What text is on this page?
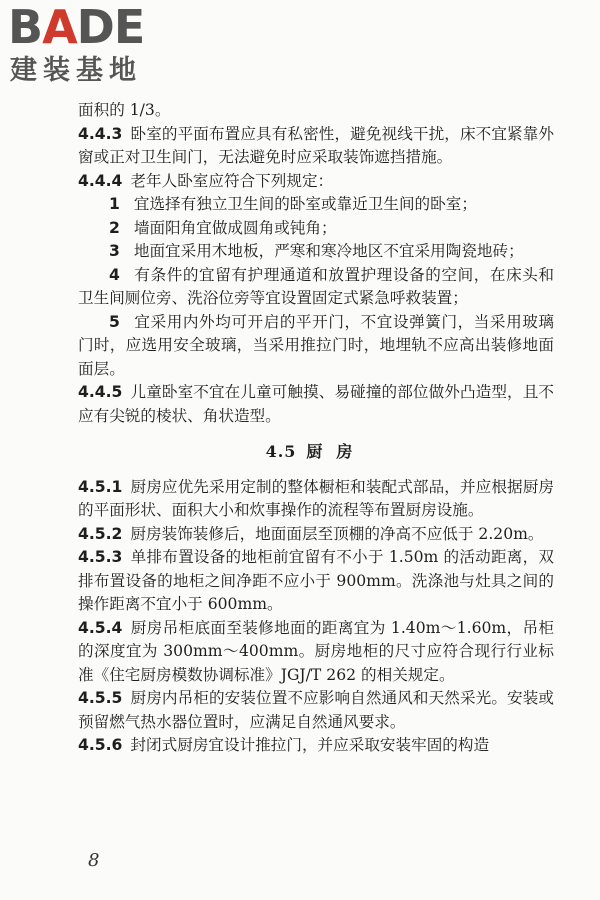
BADE
建装基地

面积的 1/3。

4.4.3 卧室的平面布置应具有私密性，避免视线干扰，床不宜紧靠外窗或正对卫生间门，无法避免时应采取装饰遮挡措施。

4.4.4 老年人卧室应符合下列规定：

1 宜选择有独立卫生间的卧室或靠近卫生间的卧室；

2 墙面阳角宜做成圆角或钝角；

3 地面宜采用木地板，严寒和寒冷地区不宜采用陶瓷地砖；

4 有条件的宜留有护理通道和放置护理设备的空间，在床头和卫生间厕位旁、洗浴位旁等宜设置固定式紧急呼救装置；

5 宜采用内外均可开启的平开门，不宜设弹簧门，当采用玻璃门时，应选用安全玻璃，当采用推拉门时，地埋轨不应高出装修地面面层。

4.4.5 儿童卧室不宜在儿童可触摸、易碰撞的部位做外凸造型，且不应有尖锐的棱状、角状造型。

4.5 厨房

4.5.1 厨房应优先采用定制的整体橱柜和装配式部品，并应根据厨房的平面形状、面积大小和炊事操作的流程等布置厨房设施。

4.5.2 厨房装饰装修后，地面面层至顶棚的净高不应低于 2.20m。

4.5.3 单排布置设备的地柜前宜留有不小于 1.50m 的活动距离，双排布置设备的地柜之间净距不应小于 900mm。洗涤池与灶具之间的操作距离不宜小于 600mm。

4.5.4 厨房吊柜底面至装修地面的距离宜为 1.40m～1.60m，吊柜的深度宜为 300mm～400mm。厨房地柜的尺寸应符合现行行业标准《住宅厨房模数协调标准》JGJ/T 262 的相关规定。

4.5.5 厨房内吊柜的安装位置不应影响自然通风和天然采光。安装或预留燃气热水器位置时，应满足自然通风要求。

4.5.6 封闭式厨房宜设计推拉门，并应采取安装牢固的构造

8
